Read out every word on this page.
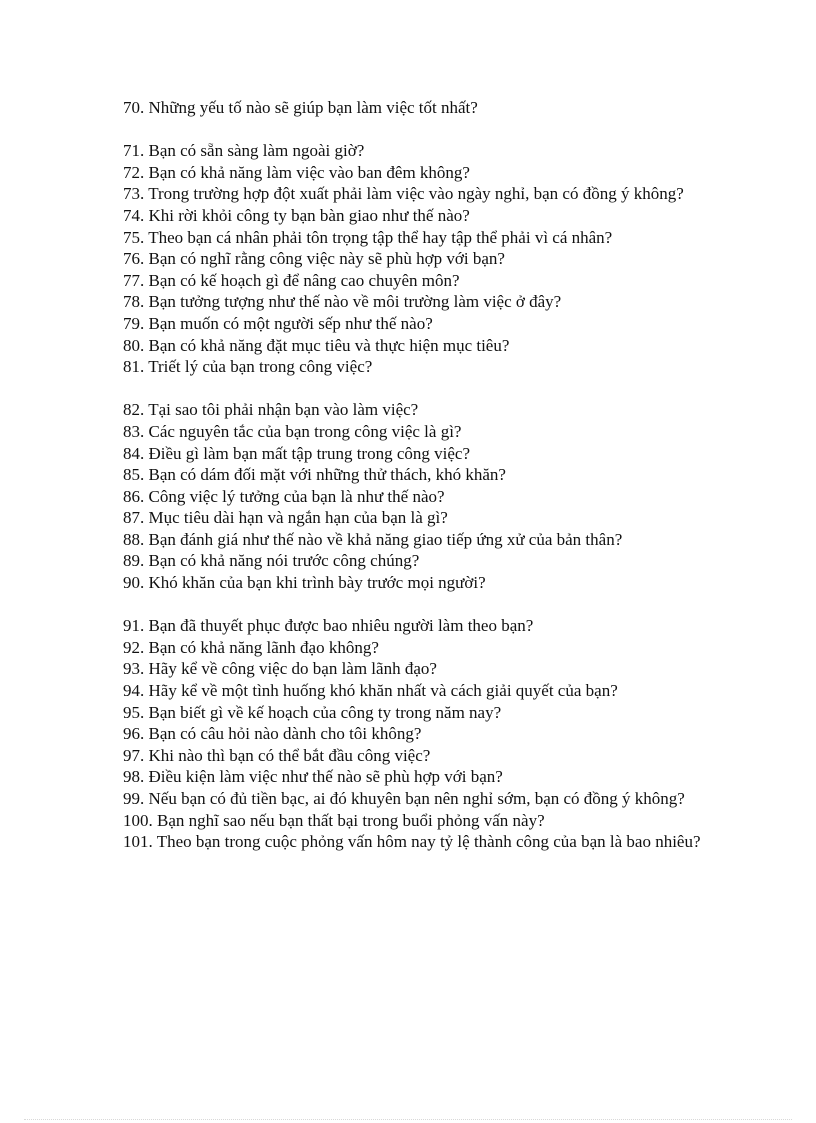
70. Những yếu tố nào sẽ giúp bạn làm việc tốt nhất?

71. Bạn có sẵn sàng làm ngoài giờ?

72. Bạn có khả năng làm việc vào ban đêm không?

73. Trong trường hợp đột xuất phải làm việc vào ngày nghỉ, bạn có đồng ý không?

74. Khi rời khỏi công ty bạn bàn giao như thế nào?

75. Theo bạn cá nhân phải tôn trọng tập thể hay tập thể phải vì cá nhân?

76. Bạn có nghĩ rằng công việc này sẽ phù hợp với bạn?

77. Bạn có kế hoạch gì để nâng cao chuyên môn?

78. Bạn tưởng tượng như thế nào về môi trường làm việc ở đây?

79. Bạn muốn có một người sếp như thế nào?

80. Bạn có khả năng đặt mục tiêu và thực hiện mục tiêu?

81. Triết lý của bạn trong công việc?

82. Tại sao tôi phải nhận bạn vào làm việc?

83. Các nguyên tắc của bạn trong công việc là gì?

84. Điều gì làm bạn mất tập trung trong công việc?

85. Bạn có dám đối mặt với những thử thách, khó khăn?

86. Công việc lý tưởng của bạn là như thế nào?

87. Mục tiêu dài hạn và ngắn hạn của bạn là gì?

88. Bạn đánh giá như thế nào về khả năng giao tiếp ứng xử của bản thân?

89. Bạn có khả năng nói trước công chúng?

90. Khó khăn của bạn khi trình bày trước mọi người?

91. Bạn đã thuyết phục được bao nhiêu người làm theo bạn?

92. Bạn có khả năng lãnh đạo không?

93. Hãy kể về công việc do bạn làm lãnh đạo?

94. Hãy kể về một tình huống khó khăn nhất và cách giải quyết của bạn?

95. Bạn biết gì về kế hoạch của công ty trong năm nay?

96. Bạn có câu hỏi nào dành cho tôi không?

97. Khi nào thì bạn có thể bắt đầu công việc?

98. Điều kiện làm việc như thế nào sẽ phù hợp với bạn?

99. Nếu bạn có đủ tiền bạc, ai đó khuyên bạn nên nghỉ sớm, bạn có đồng ý không?

100. Bạn nghĩ sao nếu bạn thất bại trong buổi phỏng vấn này?

101. Theo bạn trong cuộc phỏng vấn hôm nay tỷ lệ thành công của bạn là bao nhiêu?
